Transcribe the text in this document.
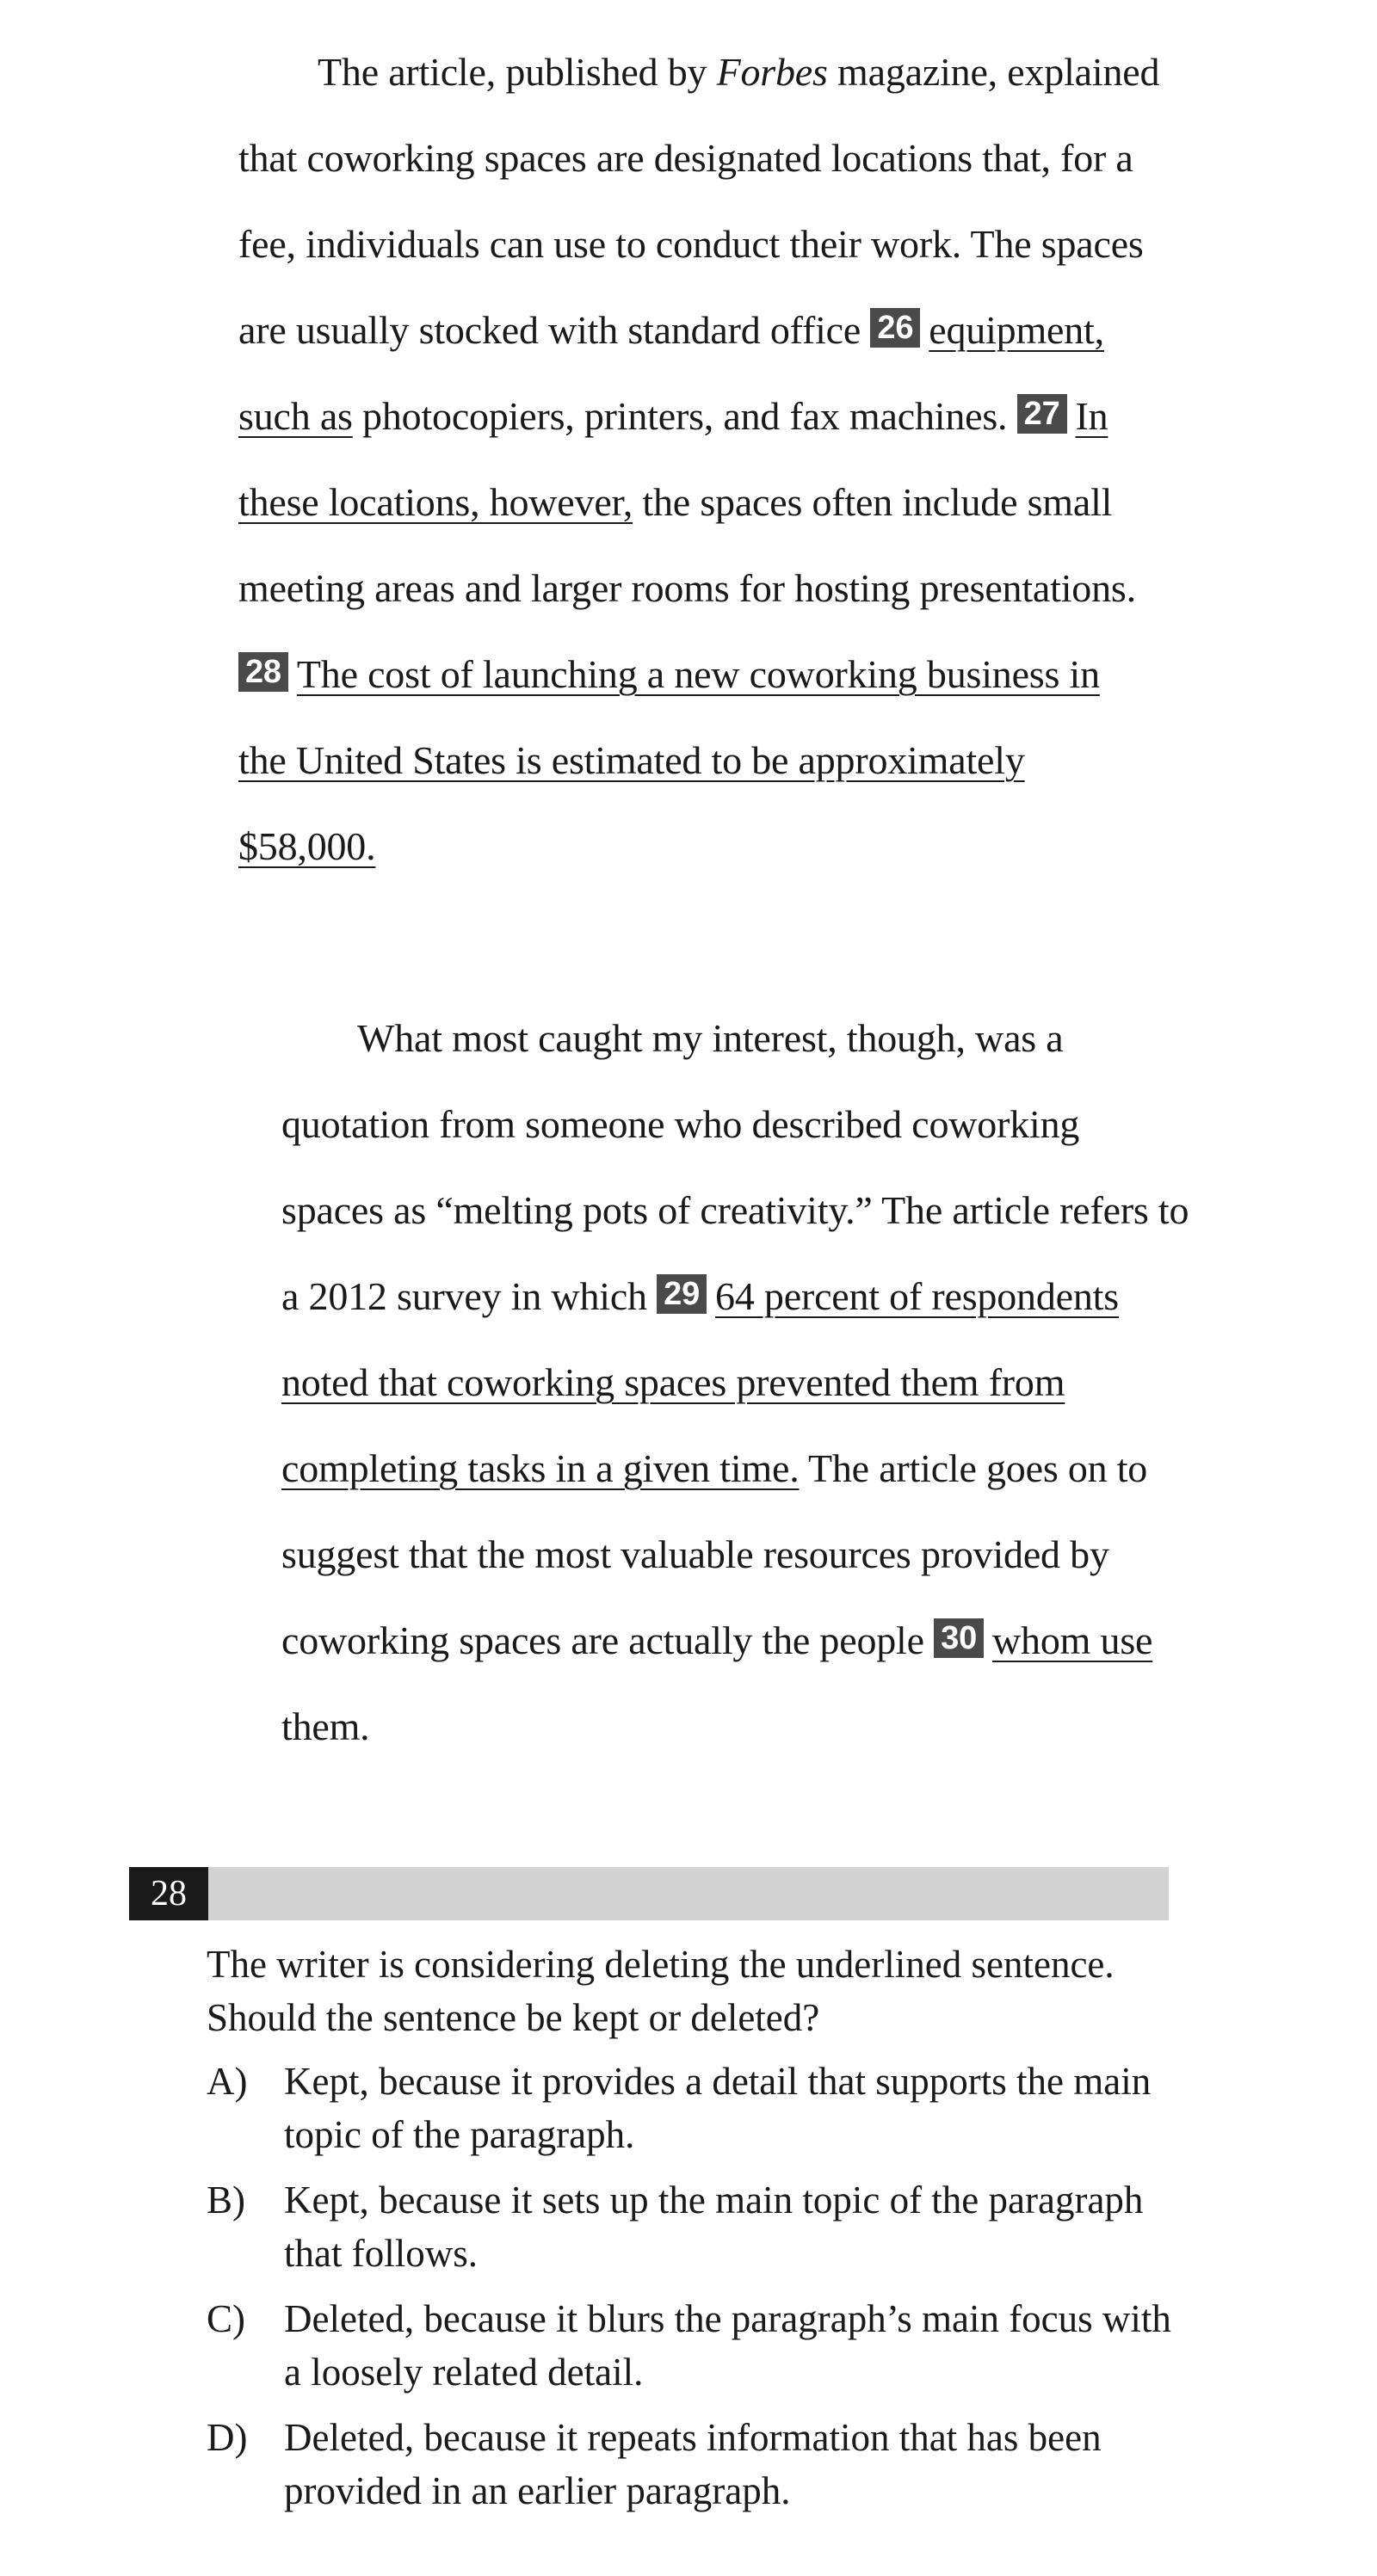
The article, published by Forbes magazine, explained
that coworking spaces are designated locations that, for a
fee, individuals can use to conduct their work. The spaces
are usually stocked with standard office 26 equipment,
such as photocopiers, printers, and fax machines. 27 In
these locations, however, the spaces often include small
meeting areas and larger rooms for hosting presentations.
28 The cost of launching a new coworking business in
the United States is estimated to be approximately
$58,000.
What most caught my interest, though, was a
quotation from someone who described coworking
spaces as “melting pots of creativity.” The article refers to
a 2012 survey in which 29 64 percent of respondents
noted that coworking spaces prevented them from
completing tasks in a given time. The article goes on to
suggest that the most valuable resources provided by
coworking spaces are actually the people 30 whom use
them.
28
The writer is considering deleting the underlined sentence. Should the sentence be kept or deleted?
A) Kept, because it provides a detail that supports the main topic of the paragraph.
B)	Kept, because it sets up the main topic of the paragraph that follows.
C)	Deleted, because it blurs the paragraph’s main focus with a loosely related detail.
D) Deleted, because it repeats information that has been provided in an earlier paragraph.
